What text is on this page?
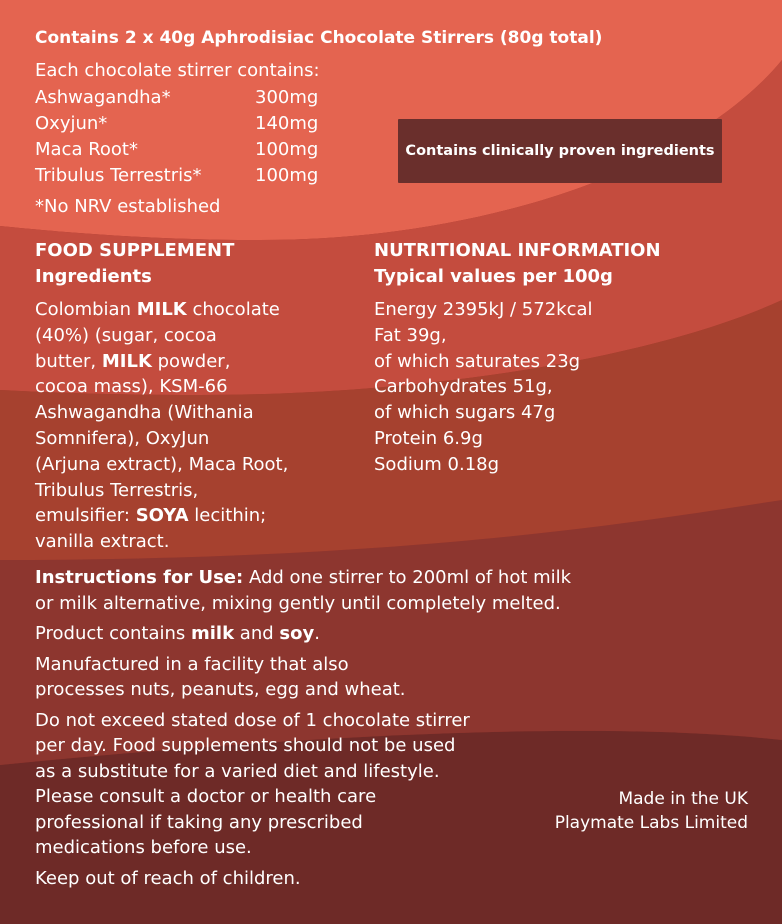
Contains 2 x 40g Aphrodisiac Chocolate Stirrers (80g total)
Each chocolate stirrer contains:
Ashwagandha*	300mg
Oxyjun*	140mg
Maca Root*	100mg
Tribulus Terrestris*	100mg
*No NRV established
Contains clinically proven ingredients
FOOD SUPPLEMENT
Ingredients
Colombian MILK chocolate
(40%) (sugar, cocoa
butter, MILK powder,
cocoa mass), KSM-66
Ashwagandha (Withania
Somnifera), OxyJun
(Arjuna extract), Maca Root,
Tribulus Terrestris,
emulsifier: SOYA lecithin;
vanilla extract.
NUTRITIONAL INFORMATION
Typical values per 100g
Energy 2395kJ / 572kcal
Fat 39g,
of which saturates 23g
Carbohydrates 51g,
of which sugars 47g
Protein 6.9g
Sodium 0.18g
Instructions for Use: Add one stirrer to 200ml of hot milk
or milk alternative, mixing gently until completely melted.
Product contains milk and soy.
Manufactured in a facility that also
processes nuts, peanuts, egg and wheat.
Do not exceed stated dose of 1 chocolate stirrer
per day. Food supplements should not be used
as a substitute for a varied diet and lifestyle.
Please consult a doctor or health care
professional if taking any prescribed
medications before use.
Keep out of reach of children.
Made in the UK
Playmate Labs Limited
